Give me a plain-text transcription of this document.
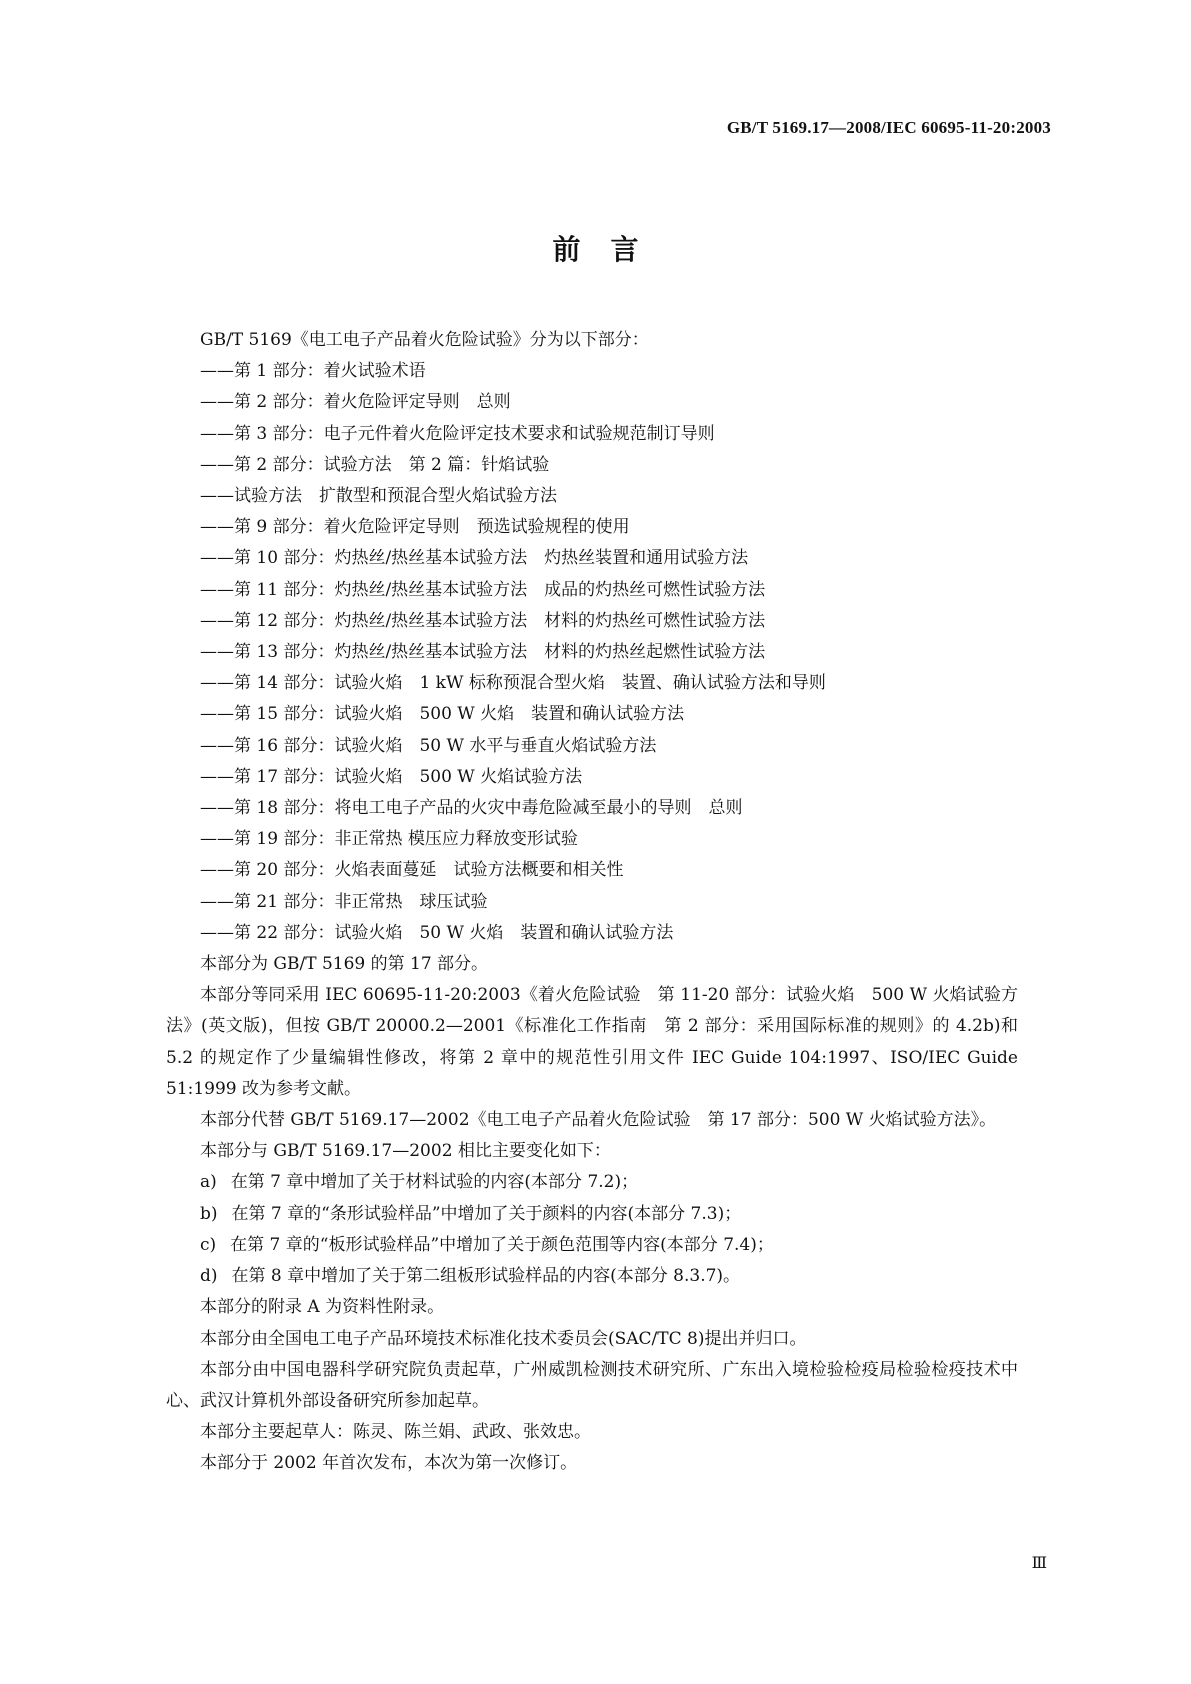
GB/T 5169.17—2008/IEC 60695-11-20:2003
前言

GB/T 5169《电工电子产品着火危险试验》分为以下部分：

——第 1 部分：着火试验术语
——第 2 部分：着火危险评定导则　总则
——第 3 部分：电子元件着火危险评定技术要求和试验规范制订导则
——第 2 部分：试验方法　第 2 篇：针焰试验
——试验方法　扩散型和预混合型火焰试验方法
——第 9 部分：着火危险评定导则　预选试验规程的使用
——第 10 部分：灼热丝/热丝基本试验方法　灼热丝装置和通用试验方法
——第 11 部分：灼热丝/热丝基本试验方法　成品的灼热丝可燃性试验方法
——第 12 部分：灼热丝/热丝基本试验方法　材料的灼热丝可燃性试验方法
——第 13 部分：灼热丝/热丝基本试验方法　材料的灼热丝起燃性试验方法
——第 14 部分：试验火焰　1 kW 标称预混合型火焰　装置、确认试验方法和导则
——第 15 部分：试验火焰　500 W 火焰　装置和确认试验方法
——第 16 部分：试验火焰　50 W 水平与垂直火焰试验方法
——第 17 部分：试验火焰　500 W 火焰试验方法
——第 18 部分：将电工电子产品的火灾中毒危险减至最小的导则　总则
——第 19 部分：非正常热 模压应力释放变形试验
——第 20 部分：火焰表面蔓延　试验方法概要和相关性
——第 21 部分：非正常热　球压试验
——第 22 部分：试验火焰　50 W 火焰　装置和确认试验方法

本部分为 GB/T 5169 的第 17 部分。

本部分等同采用 IEC 60695-11-20:2003《着火危险试验　第 11-20 部分：试验火焰　500 W 火焰试验方法》(英文版)，但按 GB/T 20000.2—2001《标准化工作指南　第 2 部分：采用国际标准的规则》的 4.2b)和 5.2 的规定作了少量编辑性修改，将第 2 章中的规范性引用文件 IEC Guide 104:1997、ISO/IEC Guide 51:1999 改为参考文献。

本部分代替 GB/T 5169.17—2002《电工电子产品着火危险试验　第 17 部分：500 W 火焰试验方法》。

本部分与 GB/T 5169.17—2002 相比主要变化如下：

a) 在第 7 章中增加了关于材料试验的内容(本部分 7.2)；
b) 在第 7 章的“条形试验样品”中增加了关于颜料的内容(本部分 7.3)；
c) 在第 7 章的“板形试验样品”中增加了关于颜色范围等内容(本部分 7.4)；
d) 在第 8 章中增加了关于第二组板形试验样品的内容(本部分 8.3.7)。

本部分的附录 A 为资料性附录。

本部分由全国电工电子产品环境技术标准化技术委员会(SAC/TC 8)提出并归口。

本部分由中国电器科学研究院负责起草，广州威凯检测技术研究所、广东出入境检验检疫局检验检疫技术中心、武汉计算机外部设备研究所参加起草。

本部分主要起草人：陈灵、陈兰娟、武政、张效忠。

本部分于 2002 年首次发布，本次为第一次修订。

Ⅲ
